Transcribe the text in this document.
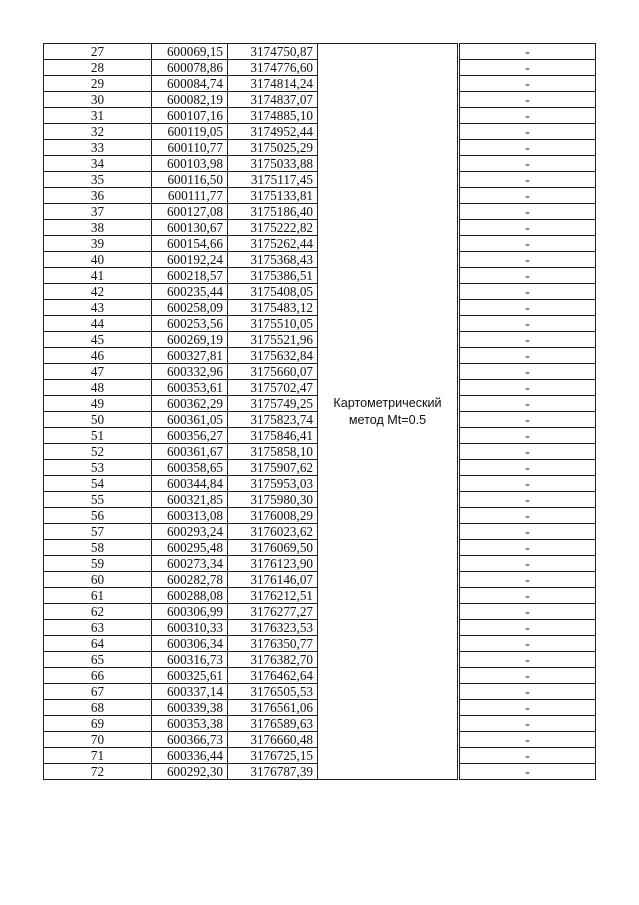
27	600069,15	3174750,87	Картометрический метод Mt=0.5		-
28	600078,86	3174776,60			-
29	600084,74	3174814,24			-
30	600082,19	3174837,07			-
31	600107,16	3174885,10			-
32	600119,05	3174952,44			-
33	600110,77	3175025,29			-
34	600103,98	3175033,88			-
35	600116,50	3175117,45			-
36	600111,77	3175133,81			-
37	600127,08	3175186,40			-
38	600130,67	3175222,82			-
39	600154,66	3175262,44			-
40	600192,24	3175368,43			-
41	600218,57	3175386,51			-
42	600235,44	3175408,05			-
43	600258,09	3175483,12			-
44	600253,56	3175510,05			-
45	600269,19	3175521,96			-
46	600327,81	3175632,84			-
47	600332,96	3175660,07			-
48	600353,61	3175702,47			-
49	600362,29	3175749,25			-
50	600361,05	3175823,74			-
51	600356,27	3175846,41			-
52	600361,67	3175858,10			-
53	600358,65	3175907,62			-
54	600344,84	3175953,03			-
55	600321,85	3175980,30			-
56	600313,08	3176008,29			-
57	600293,24	3176023,62			-
58	600295,48	3176069,50			-
59	600273,34	3176123,90			-
60	600282,78	3176146,07			-
61	600288,08	3176212,51			-
62	600306,99	3176277,27			-
63	600310,33	3176323,53			-
64	600306,34	3176350,77			-
65	600316,73	3176382,70			-
66	600325,61	3176462,64			-
67	600337,14	3176505,53			-
68	600339,38	3176561,06			-
69	600353,38	3176589,63			-
70	600366,73	3176660,48			-
71	600336,44	3176725,15			-
72	600292,30	3176787,39			-
